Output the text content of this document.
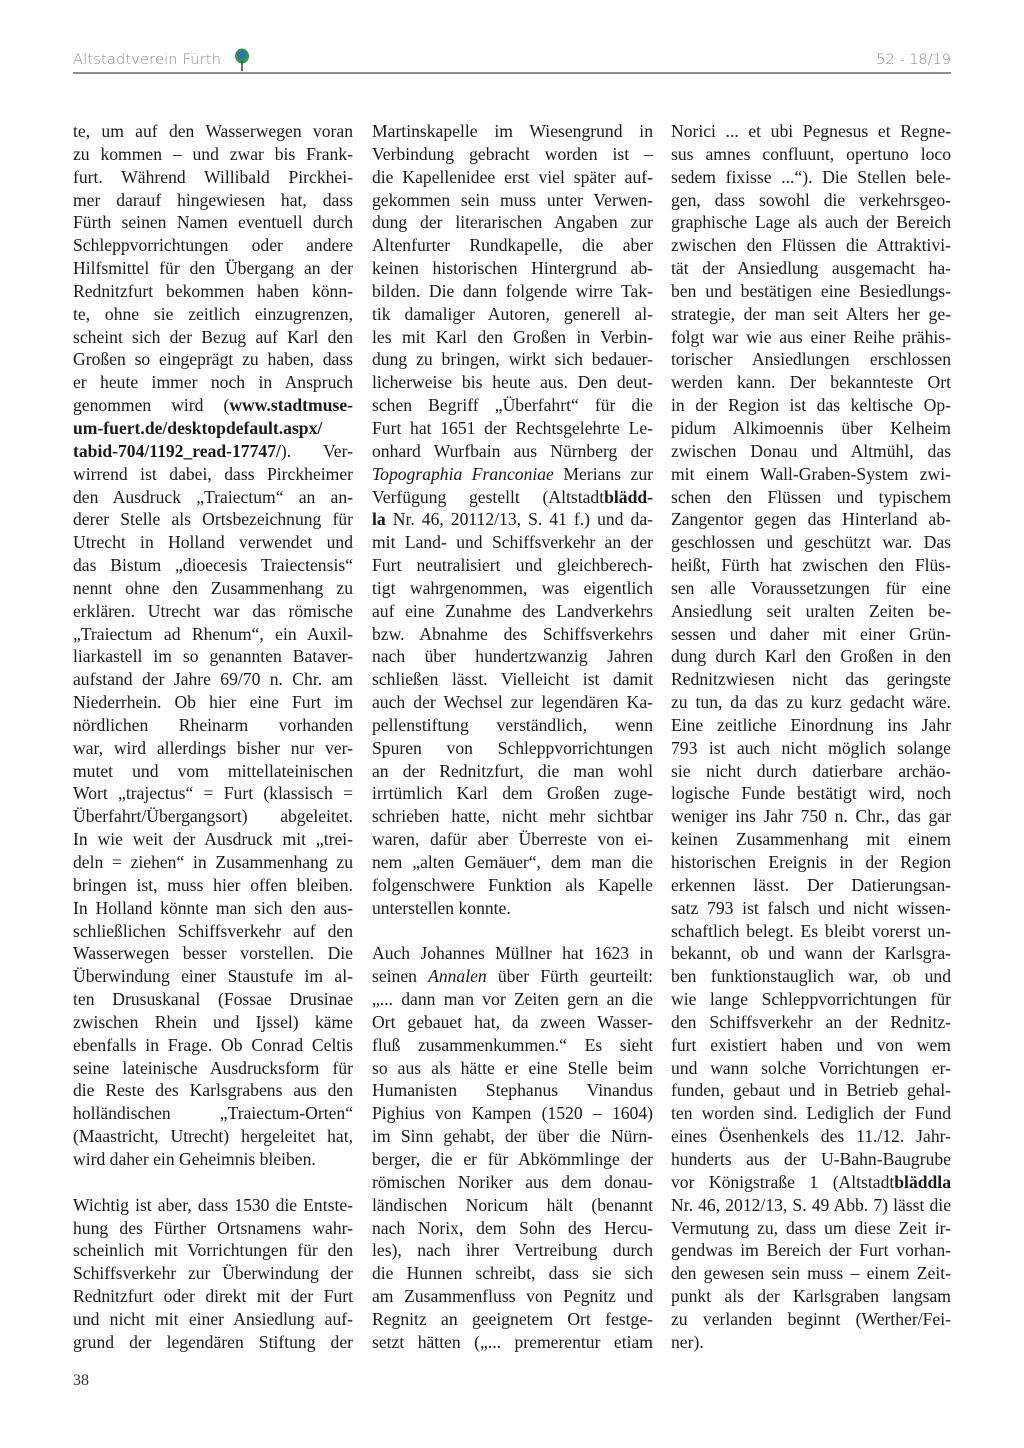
Altstadtverein Fürth	52 - 18/19

te, um auf den Wasserwegen voran
zu kommen – und zwar bis Frank-
furt. Während Willibald Pirckhei-
mer darauf hingewiesen hat, dass
Fürth seinen Namen eventuell durch
Schleppvorrichtungen oder andere
Hilfsmittel für den Übergang an der
Rednitzfurt bekommen haben könn-
te, ohne sie zeitlich einzugrenzen,
scheint sich der Bezug auf Karl den
Großen so eingeprägt zu haben, dass
er heute immer noch in Anspruch
genommen wird (www.stadtmuse-
um-fuert.de/desktopdefault.aspx/
tabid-704/1192_read-17747/). Ver-
wirrend ist dabei, dass Pirckheimer
den Ausdruck „Traiectum“ an an-
derer Stelle als Ortsbezeichnung für
Utrecht in Holland verwendet und
das Bistum „dioecesis Traiectensis“
nennt ohne den Zusammenhang zu
erklären. Utrecht war das römische
„Traiectum ad Rhenum“, ein Auxil-
liarkastell im so genannten Bataver-
aufstand der Jahre 69/70 n. Chr. am
Niederrhein. Ob hier eine Furt im
nördlichen Rheinarm vorhanden
war, wird allerdings bisher nur ver-
mutet und vom mittellateinischen
Wort „trajectus“ = Furt (klassisch =
Überfahrt/Übergangsort) abgeleitet.
In wie weit der Ausdruck mit „trei-
deln = ziehen“ in Zusammenhang zu
bringen ist, muss hier offen bleiben.
In Holland könnte man sich den aus-
schließlichen Schiffsverkehr auf den
Wasserwegen besser vorstellen. Die
Überwindung einer Staustufe im al-
ten Drususkanal (Fossae Drusinae
zwischen Rhein und Ijssel) käme
ebenfalls in Frage. Ob Conrad Celtis
seine lateinische Ausdrucksform für
die Reste des Karlsgrabens aus den
holländischen „Traiectum-Orten“
(Maastricht, Utrecht) hergeleitet hat,
wird daher ein Geheimnis bleiben.

Wichtig ist aber, dass 1530 die Entste-
hung des Fürther Ortsnamens wahr-
scheinlich mit Vorrichtungen für den
Schiffsverkehr zur Überwindung der
Rednitzfurt oder direkt mit der Furt
und nicht mit einer Ansiedlung auf-
grund der legendären Stiftung der

Martinskapelle im Wiesengrund in
Verbindung gebracht worden ist –
die Kapellenidee erst viel später auf-
gekommen sein muss unter Verwen-
dung der literarischen Angaben zur
Altenfurter Rundkapelle, die aber
keinen historischen Hintergrund ab-
bilden. Die dann folgende wirre Tak-
tik damaliger Autoren, generell al-
les mit Karl den Großen in Verbin-
dung zu bringen, wirkt sich bedauer-
licherweise bis heute aus. Den deut-
schen Begriff „Überfahrt“ für die
Furt hat 1651 der Rechtsgelehrte Le-
onhard Wurfbain aus Nürnberg der
Topographia Franconiae Merians zur
Verfügung gestellt (Altstadtblädd-
la Nr. 46, 20112/13, S. 41 f.) und da-
mit Land- und Schiffsverkehr an der
Furt neutralisiert und gleichberech-
tigt wahrgenommen, was eigentlich
auf eine Zunahme des Landverkehrs
bzw. Abnahme des Schiffsverkehrs
nach über hundertzwanzig Jahren
schließen lässt. Vielleicht ist damit
auch der Wechsel zur legendären Ka-
pellenstiftung verständlich, wenn
Spuren von Schleppvorrichtungen
an der Rednitzfurt, die man wohl
irrtümlich Karl dem Großen zuge-
schrieben hatte, nicht mehr sichtbar
waren, dafür aber Überreste von ei-
nem „alten Gemäuer“, dem man die
folgenschwere Funktion als Kapelle
unterstellen konnte.

Auch Johannes Müllner hat 1623 in
seinen Annalen über Fürth geurteilt:
„... dann man vor Zeiten gern an die
Ort gebauet hat, da zween Wasser-
fluß zusammenkummen.“ Es sieht
so aus als hätte er eine Stelle beim
Humanisten Stephanus Vinandus
Pighius von Kampen (1520 – 1604)
im Sinn gehabt, der über die Nürn-
berger, die er für Abkömmlinge der
römischen Noriker aus dem donau-
ländischen Noricum hält (benannt
nach Norix, dem Sohn des Hercu-
les), nach ihrer Vertreibung durch
die Hunnen schreibt, dass sie sich
am Zusammenfluss von Pegnitz und
Regnitz an geeignetem Ort festge-
setzt hätten („... premerentur etiam

Norici ... et ubi Pegnesus et Regne-
sus amnes confluunt, opertuno loco
sedem fixisse ...“). Die Stellen bele-
gen, dass sowohl die verkehrsgeo-
graphische Lage als auch der Bereich
zwischen den Flüssen die Attraktivi-
tät der Ansiedlung ausgemacht ha-
ben und bestätigen eine Besiedlungs-
strategie, der man seit Alters her ge-
folgt war wie aus einer Reihe prähis-
torischer Ansiedlungen erschlossen
werden kann. Der bekannteste Ort
in der Region ist das keltische Op-
pidum Alkimoennis über Kelheim
zwischen Donau und Altmühl, das
mit einem Wall-Graben-System zwi-
schen den Flüssen und typischem
Zangentor gegen das Hinterland ab-
geschlossen und geschützt war. Das
heißt, Fürth hat zwischen den Flüs-
sen alle Voraussetzungen für eine
Ansiedlung seit uralten Zeiten be-
sessen und daher mit einer Grün-
dung durch Karl den Großen in den
Rednitzwiesen nicht das geringste
zu tun, da das zu kurz gedacht wäre.
Eine zeitliche Einordnung ins Jahr
793 ist auch nicht möglich solange
sie nicht durch datierbare archäo-
logische Funde bestätigt wird, noch
weniger ins Jahr 750 n. Chr., das gar
keinen Zusammenhang mit einem
historischen Ereignis in der Region
erkennen lässt. Der Datierungsan-
satz 793 ist falsch und nicht wissen-
schaftlich belegt. Es bleibt vorerst un-
bekannt, ob und wann der Karlsgra-
ben funktionstauglich war, ob und
wie lange Schleppvorrichtungen für
den Schiffsverkehr an der Rednitz-
furt existiert haben und von wem
und wann solche Vorrichtungen er-
funden, gebaut und in Betrieb gehal-
ten worden sind. Lediglich der Fund
eines Ösenhenkels des 11./12. Jahr-
hunderts aus der U-Bahn-Baugrube
vor Königstraße 1 (Altstadtbläddla
Nr. 46, 2012/13, S. 49 Abb. 7) lässt die
Vermutung zu, dass um diese Zeit ir-
gendwas im Bereich der Furt vorhan-
den gewesen sein muss – einem Zeit-
punkt als der Karlsgraben langsam
zu verlanden beginnt (Werther/Fei-
ner).

38
